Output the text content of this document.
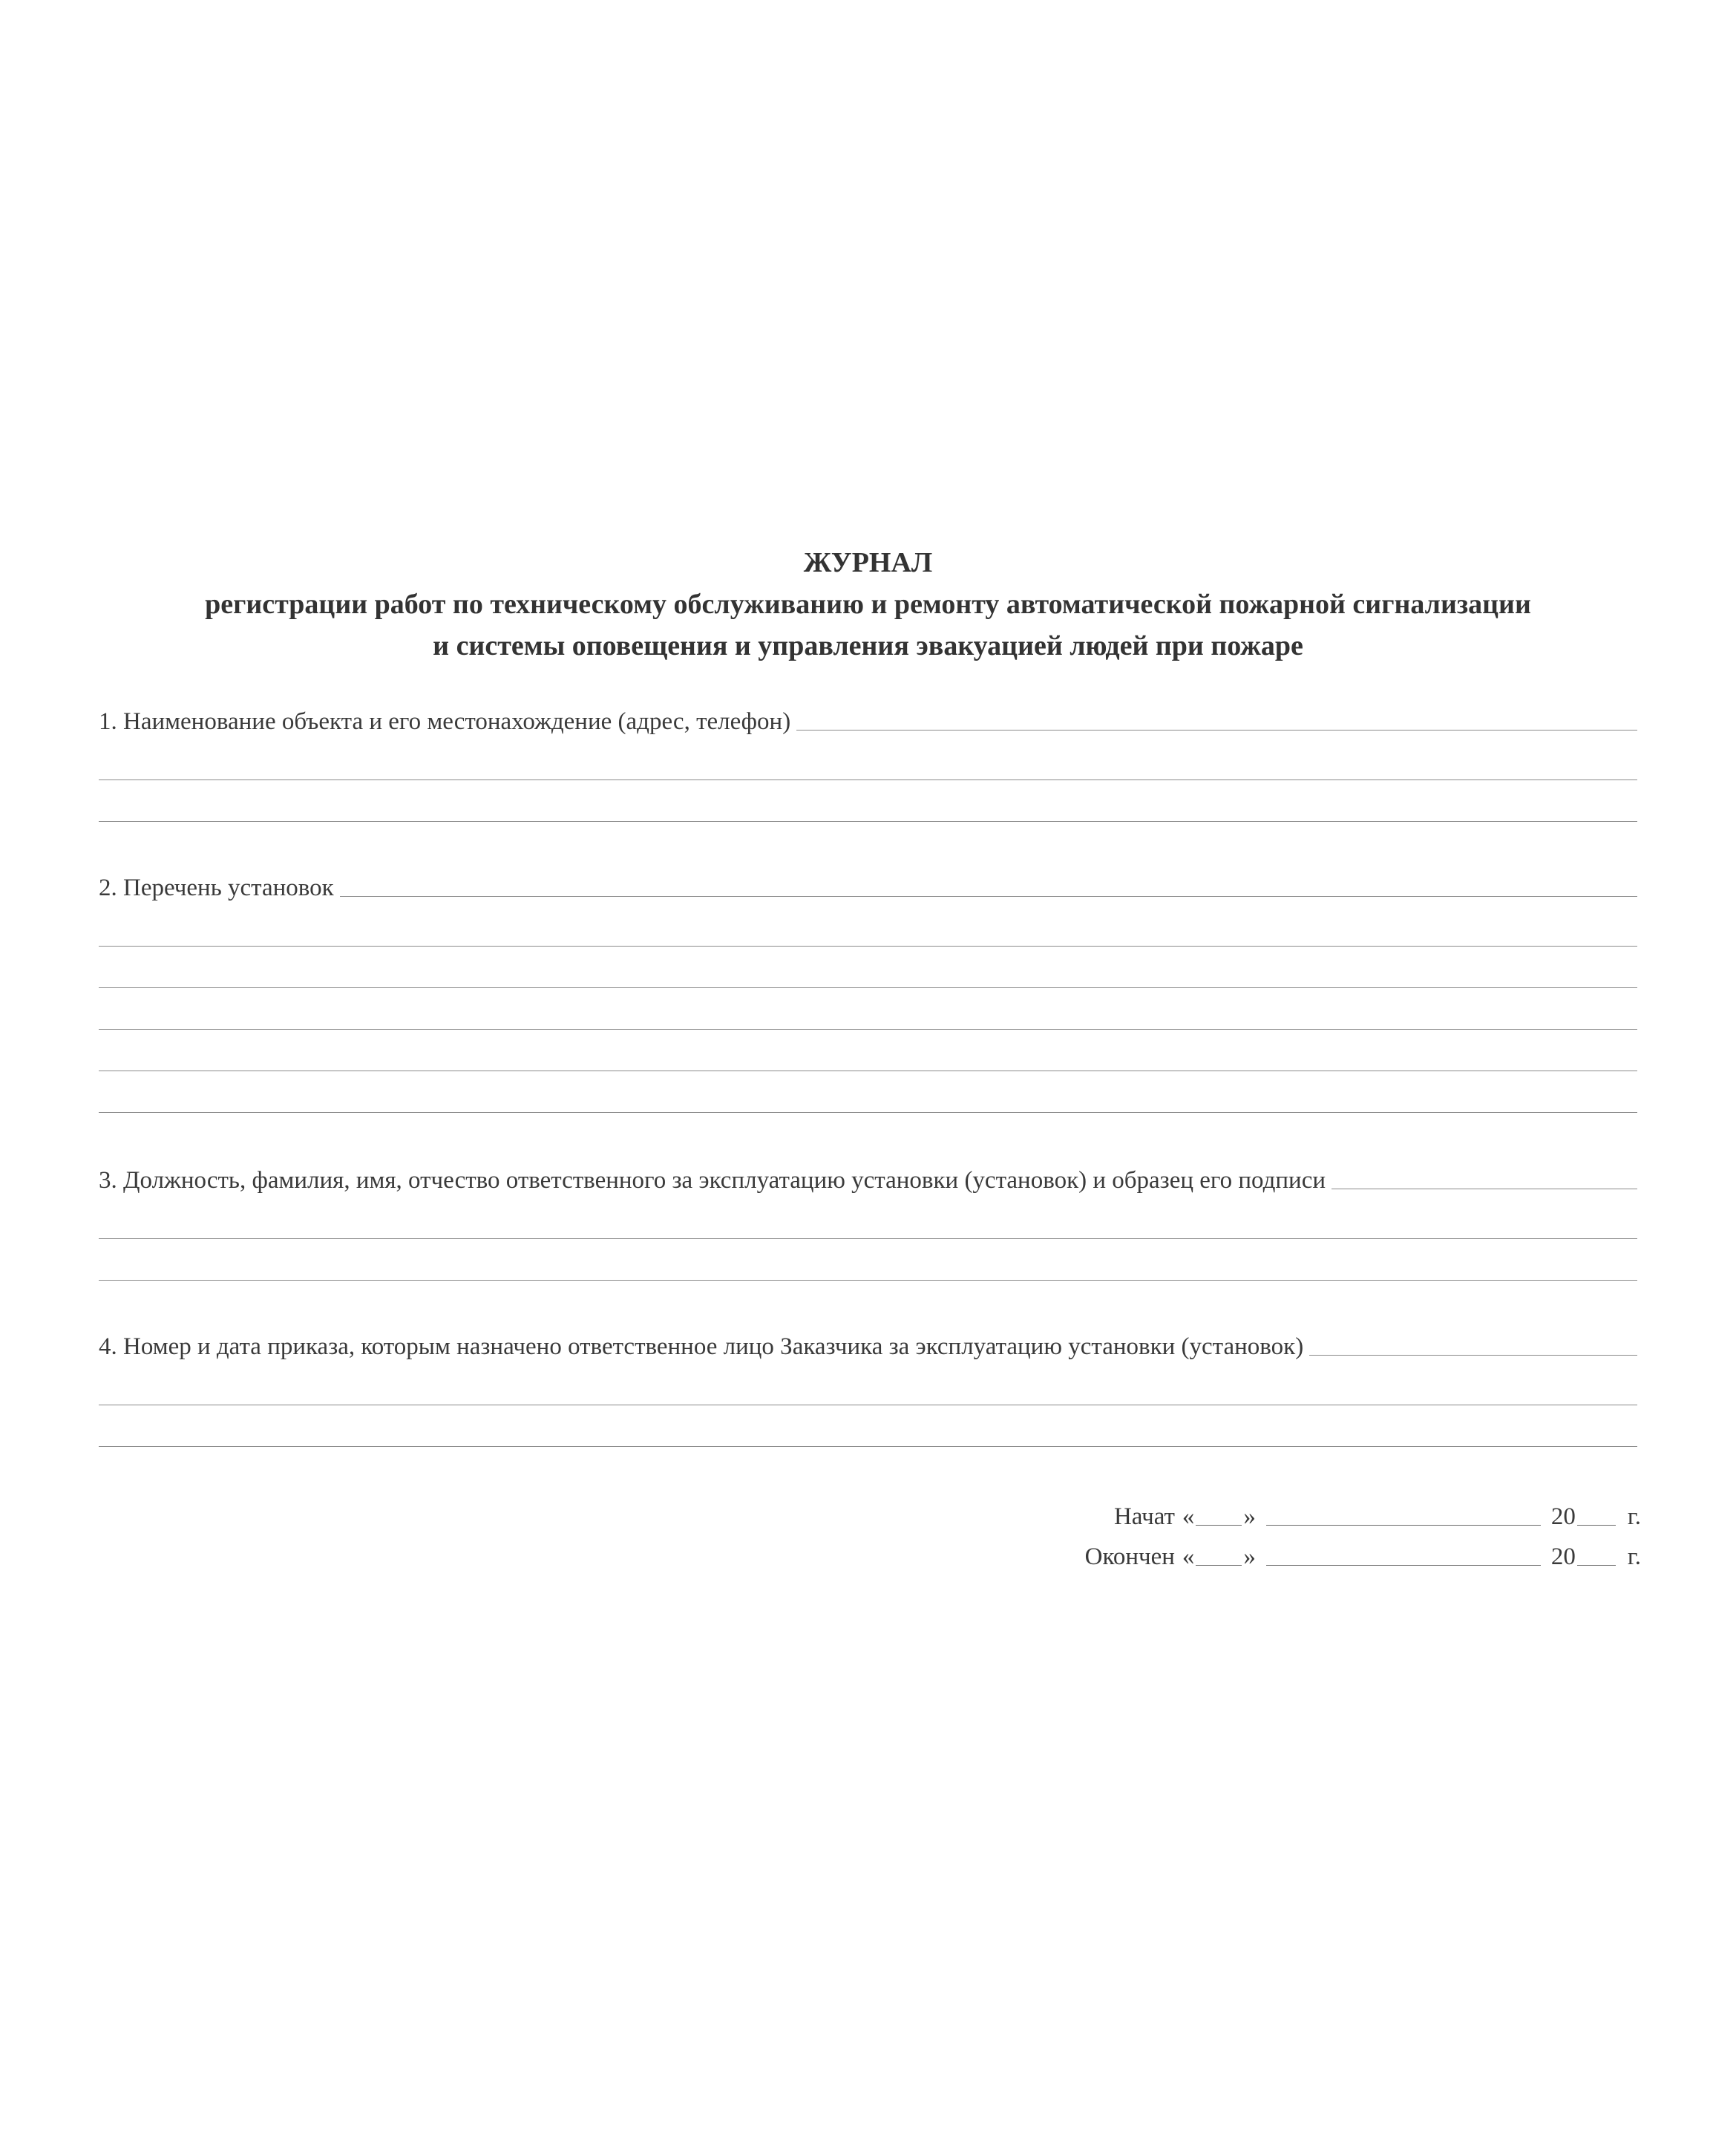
ЖУРНАЛ
регистрации работ по техническому обслуживанию и ремонту автоматической пожарной сигнализации
и системы оповещения и управления эвакуацией людей при пожаре
1. Наименование объекта и его местонахождение (адрес, телефон)
2. Перечень установок
3. Должность, фамилия, имя, отчество ответственного за эксплуатацию установки (установок) и образец его подписи
4. Номер и дата приказа, которым назначено ответственное лицо Заказчика за эксплуатацию установки (установок)
Начат « »	20 г.
Окончен « »	20 г.
